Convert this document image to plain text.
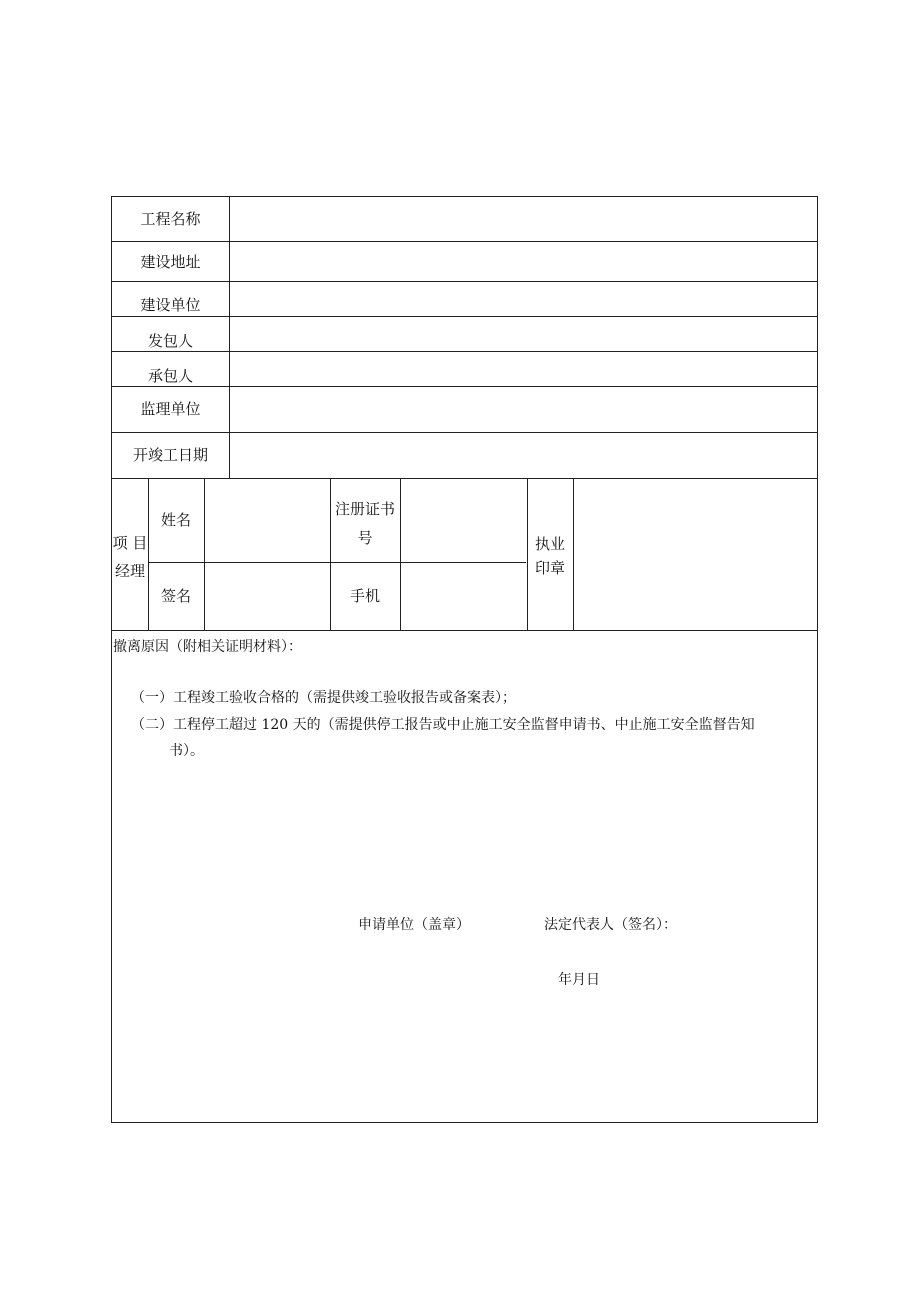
工程名称
建设地址
建设单位
发包人
承包人
监理单位
开竣工日期
项 目
经理
姓名
注册证书
号
签名	手机
执业
印章
撤离原因（附相关证明材料）：
（一）工程竣工验收合格的（需提供竣工验收报告或备案表）；
（二）工程停工超过 120 天的（需提供停工报告或中止施工安全监督申请书、中止施工安全监督告知
书）。
申请单位（盖章）	法定代表人（签名）：
年月日
